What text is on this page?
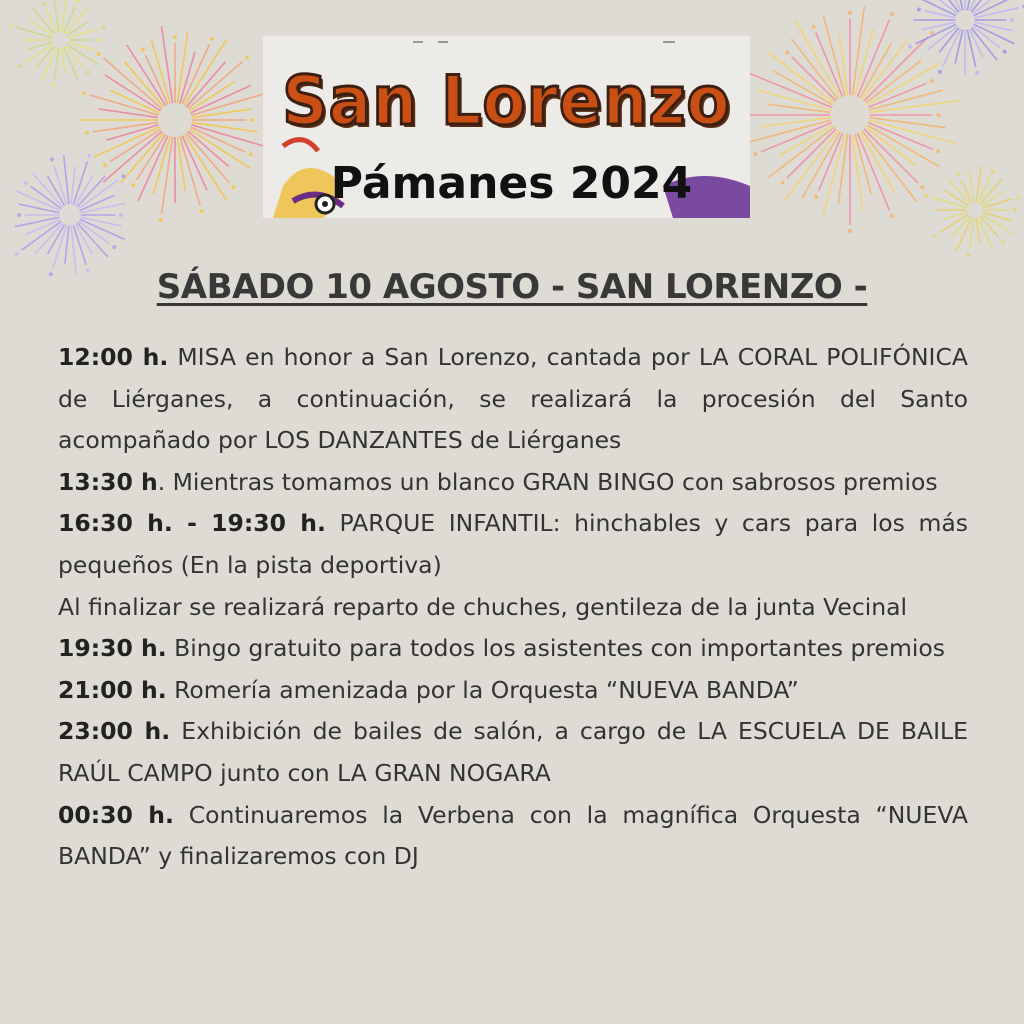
San Lorenzo
Pámanes 2024
SÁBADO 10 AGOSTO - SAN LORENZO -

12:00 h. MISA en honor a San Lorenzo, cantada por LA CORAL POLIFÓNICA de Liérganes, a continuación, se realizará la procesión del Santo acompañado por LOS DANZANTES de Liérganes

13:30 h. Mientras tomamos un blanco GRAN BINGO con sabrosos premios

16:30 h. - 19:30 h. PARQUE INFANTIL: hinchables y cars para los más pequeños (En la pista deportiva)

Al finalizar se realizará reparto de chuches, gentileza de la junta Vecinal

19:30 h. Bingo gratuito para todos los asistentes con importantes premios

21:00 h. Romería amenizada por la Orquesta “NUEVA BANDA”

23:00 h. Exhibición de bailes de salón, a cargo de LA ESCUELA DE BAILE RAÚL CAMPO junto con LA GRAN NOGARA

00:30 h. Continuaremos la Verbena con la magnífica Orquesta “NUEVA BANDA” y finalizaremos con DJ
